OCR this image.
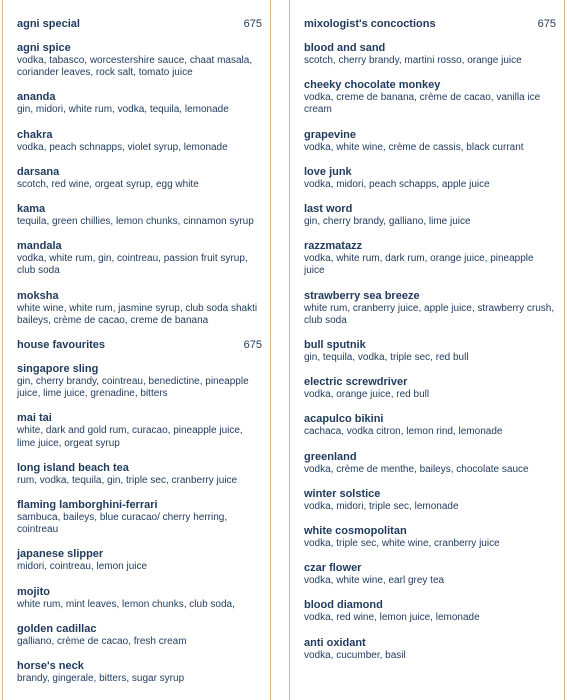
agni special	675
agni spice
vodka, tabasco, worcestershire sauce, chaat masala, coriander leaves, rock salt, tomato juice
ananda
gin, midori, white rum, vodka, tequila, lemonade
chakra
vodka, peach schnapps, violet syrup, lemonade
darsana
scotch, red wine, orgeat syrup, egg white
kama
tequila, green chillies, lemon chunks, cinnamon syrup
mandala
vodka, white rum, gin, cointreau, passion fruit syrup, club soda
moksha
white wine, white rum, jasmine syrup, club soda shakti baileys, crème de cacao, creme de banana
house favourites	675
singapore sling
gin, cherry brandy, cointreau, benedictine, pineapple juice, lime juice, grenadine, bitters
mai tai
white, dark and gold rum, curacao, pineapple juice, lime juice, orgeat syrup
long island beach tea
rum, vodka, tequila, gin, triple sec, cranberry juice
flaming lamborghini-ferrari
sambuca, baileys, blue curacao/ cherry herring, cointreau
japanese slipper
midori, cointreau, lemon juice
mojito
white rum, mint leaves, lemon chunks, club soda,
golden cadillac
galliano, crème de cacao, fresh cream
horse's neck
brandy, gingerale, bitters, sugar syrup
mixologist's concoctions	675
blood and sand
scotch, cherry brandy, martini rosso, orange juice
cheeky chocolate monkey
vodka, creme de banana, crème de cacao, vanilla ice cream
grapevine
vodka, white wine, crème de cassis, black currant
love junk
vodka, midori, peach schapps, apple juice
last word
gin, cherry brandy, galliano, lime juice
razzmatazz
vodka, white rum, dark rum, orange juice, pineapple juice
strawberry sea breeze
white rum, cranberry juice, apple juice, strawberry crush, club soda
bull sputnik
gin, tequila, vodka, triple sec, red bull
electric screwdriver
vodka, orange juice, red bull
acapulco bikini
cachaca, vodka citron, lemon rind, lemonade
greenland
vodka, crème de menthe, baileys, chocolate sauce
winter solstice
vodka, midori, triple sec, lemonade
white cosmopolitan
vodka, triple sec, white wine, cranberry juice
czar flower
vodka, white wine, earl grey tea
blood diamond
vodka, red wine, lemon juice, lemonade
anti oxidant
vodka, cucumber, basil
